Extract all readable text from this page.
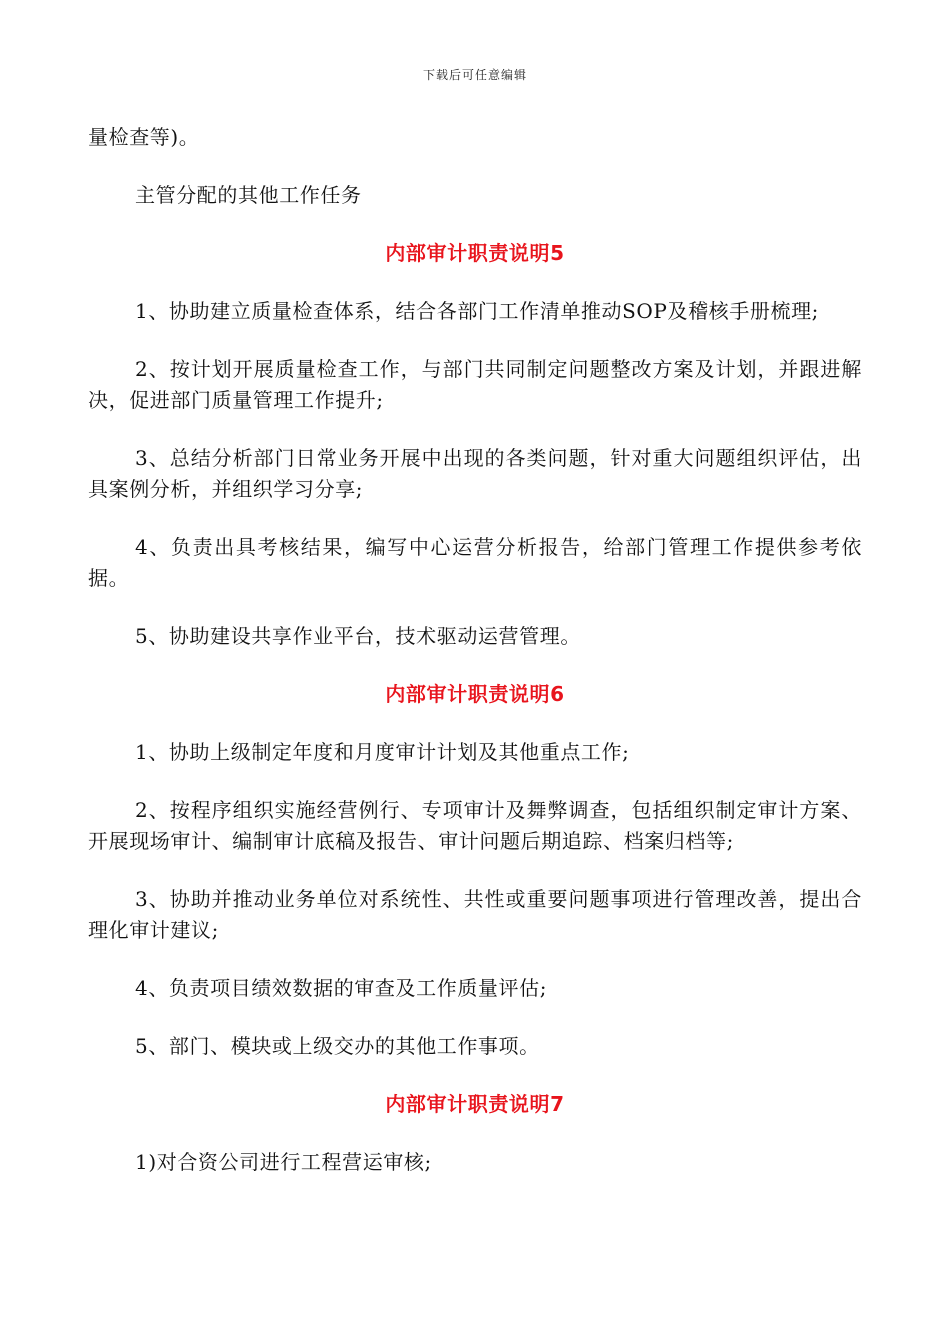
下载后可任意编辑

量检查等)。

主管分配的其他工作任务

内部审计职责说明5

1、协助建立质量检查体系，结合各部门工作清单推动SOP及稽核手册梳理;

2、按计划开展质量检查工作，与部门共同制定问题整改方案及计划，并跟进解决，促进部门质量管理工作提升;

3、总结分析部门日常业务开展中出现的各类问题，针对重大问题组织评估，出具案例分析，并组织学习分享;

4、负责出具考核结果，编写中心运营分析报告，给部门管理工作提供参考依据。

5、协助建设共享作业平台，技术驱动运营管理。

内部审计职责说明6

1、协助上级制定年度和月度审计计划及其他重点工作;

2、按程序组织实施经营例行、专项审计及舞弊调查，包括组织制定审计方案、开展现场审计、编制审计底稿及报告、审计问题后期追踪、档案归档等;

3、协助并推动业务单位对系统性、共性或重要问题事项进行管理改善，提出合理化审计建议;

4、负责项目绩效数据的审查及工作质量评估;

5、部门、模块或上级交办的其他工作事项。

内部审计职责说明7

1)对合资公司进行工程营运审核;
